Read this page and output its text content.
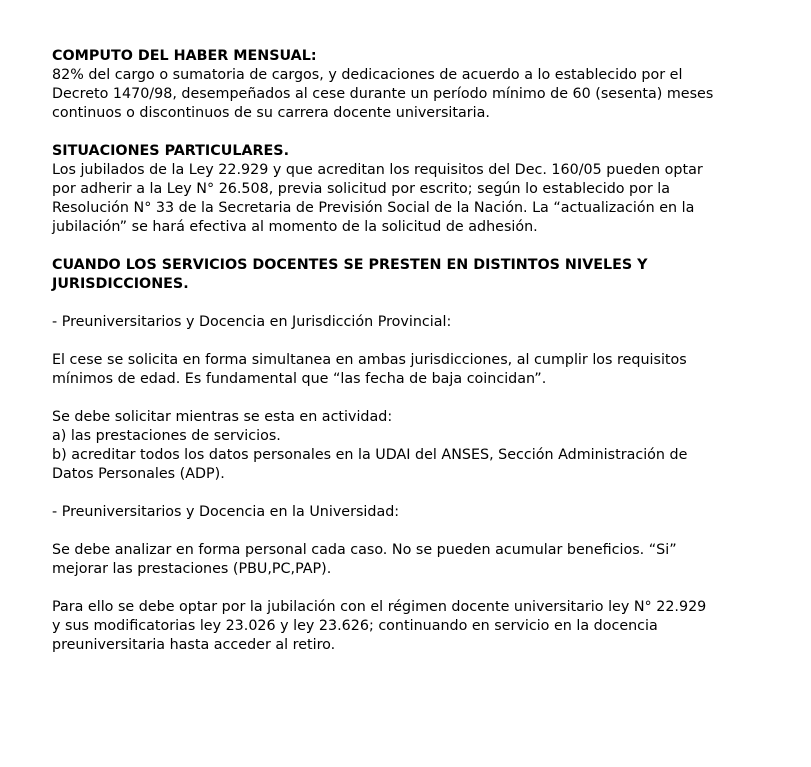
COMPUTO DEL HABER MENSUAL:

82% del cargo o sumatoria de cargos, y dedicaciones de acuerdo a lo establecido por el

Decreto 1470/98, desempeñados al cese durante un período mínimo de 60 (sesenta) meses

continuos o discontinuos de su carrera docente universitaria.

SITUACIONES PARTICULARES.

Los jubilados de la Ley 22.929 y que acreditan los requisitos del Dec. 160/05 pueden optar

por adherir a la Ley N° 26.508, previa solicitud por escrito; según lo establecido por la

Resolución N° 33 de la Secretaria de Previsión Social de la Nación. La “actualización en la

jubilación” se hará efectiva al momento de la solicitud de adhesión.

CUANDO LOS SERVICIOS DOCENTES SE PRESTEN EN DISTINTOS NIVELES Y

JURISDICCIONES.

- Preuniversitarios y Docencia en Jurisdicción Provincial:

El cese se solicita en forma simultanea en ambas jurisdicciones, al cumplir los requisitos

mínimos de edad. Es fundamental que “las fecha de baja coincidan”.

Se debe solicitar mientras se esta en actividad:

a) las prestaciones de servicios.

b) acreditar todos los datos personales en la UDAI del ANSES, Sección Administración de

Datos Personales (ADP).

- Preuniversitarios y Docencia en la Universidad:

Se debe analizar en forma personal cada caso. No se pueden acumular beneficios. “Si”

mejorar las prestaciones (PBU,PC,PAP).

Para ello se debe optar por la jubilación con el régimen docente universitario ley N° 22.929

y sus modificatorias ley 23.026 y ley 23.626; continuando en servicio en la docencia

preuniversitaria hasta acceder al retiro.
